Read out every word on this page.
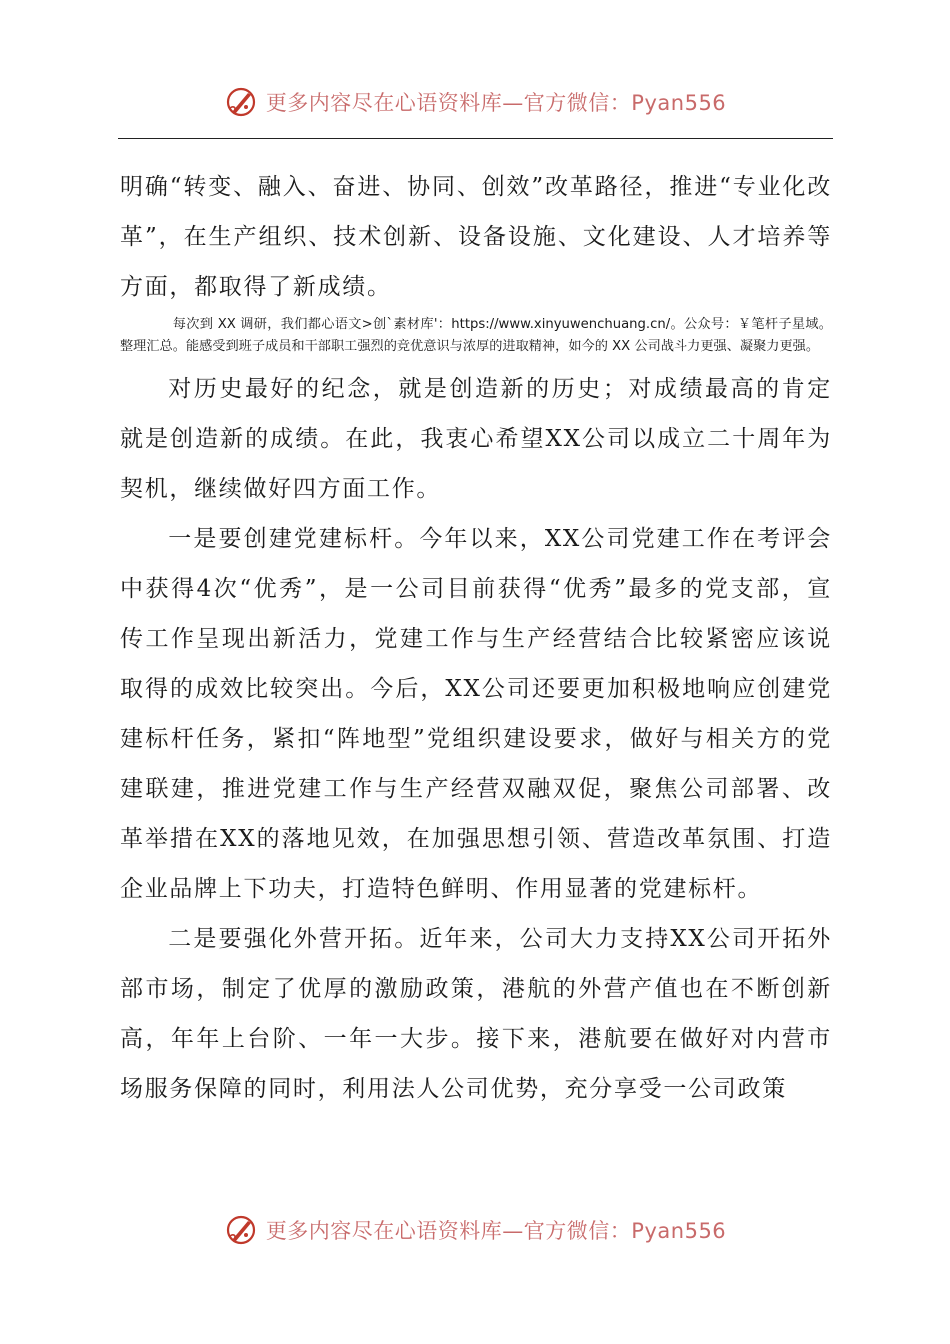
更多内容尽在心语资料库—官方微信：Pyan556

明确“转变、融入、奋进、协同、创效”改革路径，推进“专业化改革”，在生产组织、技术创新、设备设施、文化建设、人才培养等方面，都取得了新成绩。

每次到 XX 调研，我们都心语文>创`素材库'：https://www.xinyuwenchuang.cn/。公众号：￥笔杆子星域。整理汇总。能感受到班子成员和干部职工强烈的竞优意识与浓厚的进取精神，如今的 XX 公司战斗力更强、凝聚力更强。

对历史最好的纪念，就是创造新的历史；对成绩最高的肯定就是创造新的成绩。在此，我衷心希望XX公司以成立二十周年为契机，继续做好四方面工作。

一是要创建党建标杆。今年以来，XX公司党建工作在考评会中获得4次“优秀”，是一公司目前获得“优秀”最多的党支部，宣传工作呈现出新活力，党建工作与生产经营结合比较紧密应该说取得的成效比较突出。今后，XX公司还要更加积极地响应创建党建标杆任务，紧扣“阵地型”党组织建设要求，做好与相关方的党建联建，推进党建工作与生产经营双融双促，聚焦公司部署、改革举措在XX的落地见效，在加强思想引领、营造改革氛围、打造企业品牌上下功夫，打造特色鲜明、作用显著的党建标杆。

二是要强化外营开拓。近年来，公司大力支持XX公司开拓外部市场，制定了优厚的激励政策，港航的外营产值也在不断创新高，年年上台阶、一年一大步。接下来，港航要在做好对内营市场服务保障的同时，利用法人公司优势，充分享受一公司政策

更多内容尽在心语资料库—官方微信：Pyan556
